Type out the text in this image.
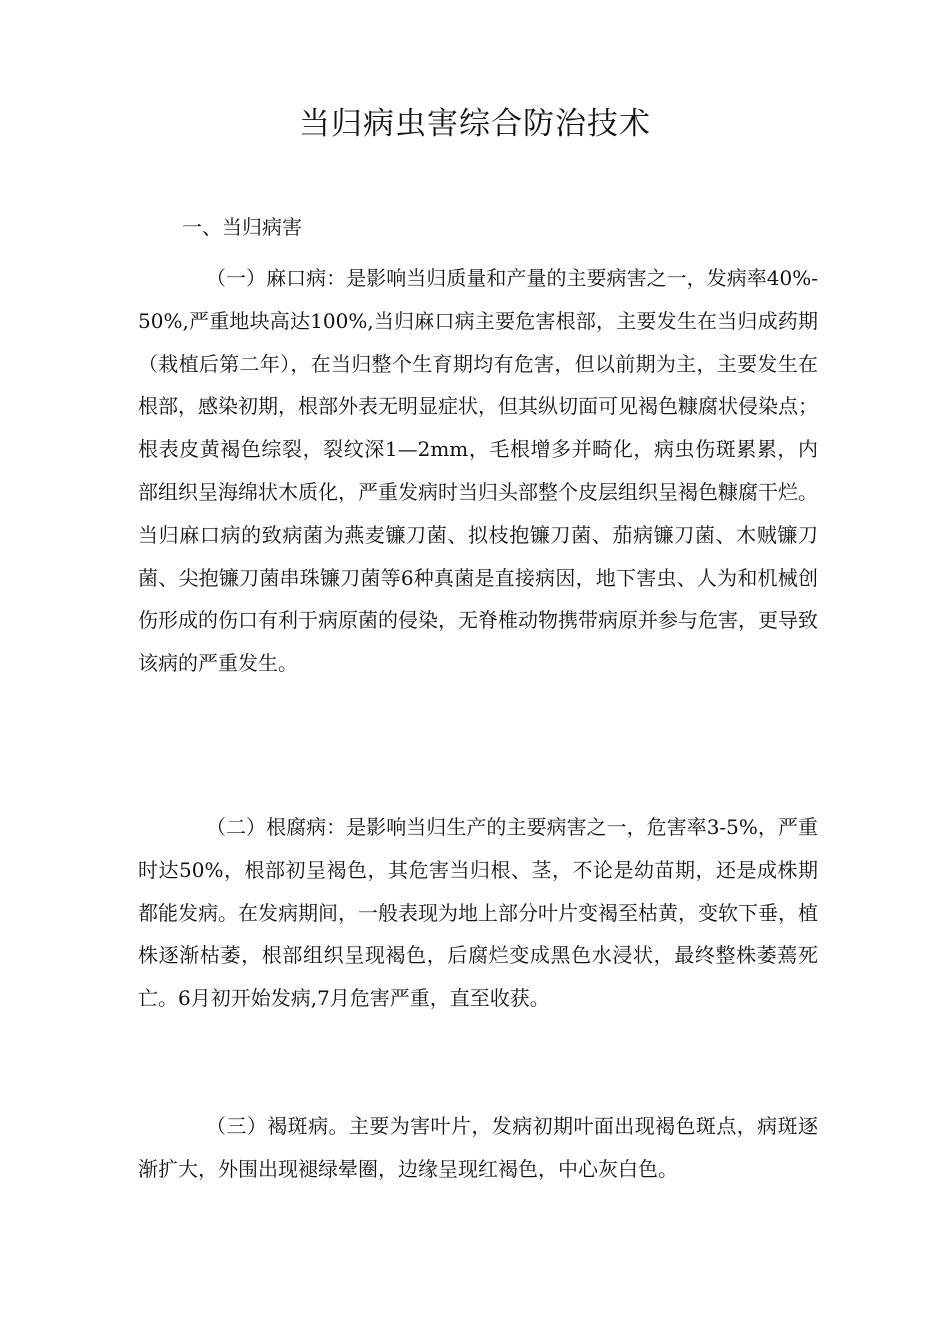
当归病虫害综合防治技术

一、当归病害

（一）麻口病：是影响当归质量和产量的主要病害之一，发病率40%-50%,严重地块高达100%,当归麻口病主要危害根部，主要发生在当归成药期（栽植后第二年），在当归整个生育期均有危害，但以前期为主，主要发生在根部，感染初期，根部外表无明显症状，但其纵切面可见褐色糠腐状侵染点；根表皮黄褐色综裂，裂纹深1—2mm，毛根增多并畸化，病虫伤斑累累，内部组织呈海绵状木质化，严重发病时当归头部整个皮层组织呈褐色糠腐干烂。当归麻口病的致病菌为燕麦镰刀菌、拟枝抱镰刀菌、茄病镰刀菌、木贼镰刀菌、尖抱镰刀菌串珠镰刀菌等6种真菌是直接病因，地下害虫、人为和机械创伤形成的伤口有利于病原菌的侵染，无脊椎动物携带病原并参与危害，更导致该病的严重发生。

（二）根腐病：是影响当归生产的主要病害之一，危害率3-5%，严重时达50%，根部初呈褐色，其危害当归根、茎，不论是幼苗期，还是成株期都能发病。在发病期间，一般表现为地上部分叶片变褐至枯黄，变软下垂，植株逐渐枯萎，根部组织呈现褐色，后腐烂变成黑色水浸状，最终整株萎蔫死亡。6月初开始发病,7月危害严重，直至收获。

（三）褐斑病。主要为害叶片，发病初期叶面出现褐色斑点，病斑逐渐扩大，外围出现褪绿晕圈，边缘呈现红褐色，中心灰白色。
